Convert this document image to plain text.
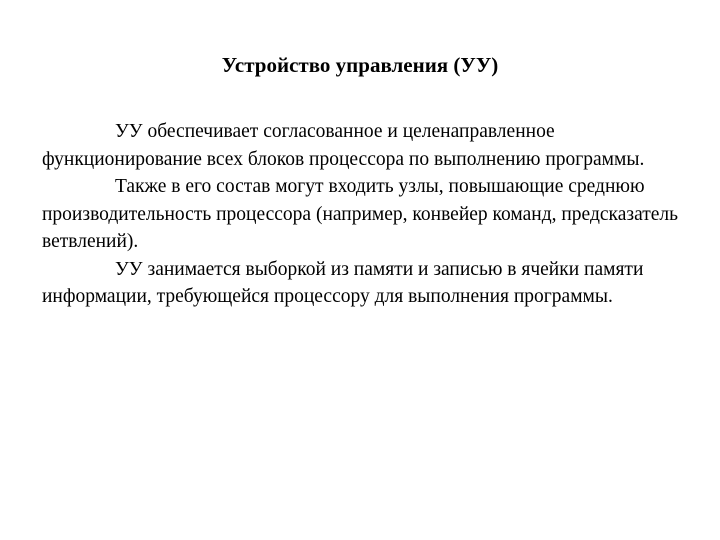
Устройство управления (УУ)

УУ обеспечивает согласованное и целенаправленное функционирование всех блоков процессора по выполнению программы.

Также в его состав могут входить узлы, повышающие среднюю производительность процессора (например, конвейер команд, предсказатель ветвлений).

УУ занимается выборкой из памяти и записью в ячейки памяти информации, требующейся процессору для выполнения программы.
